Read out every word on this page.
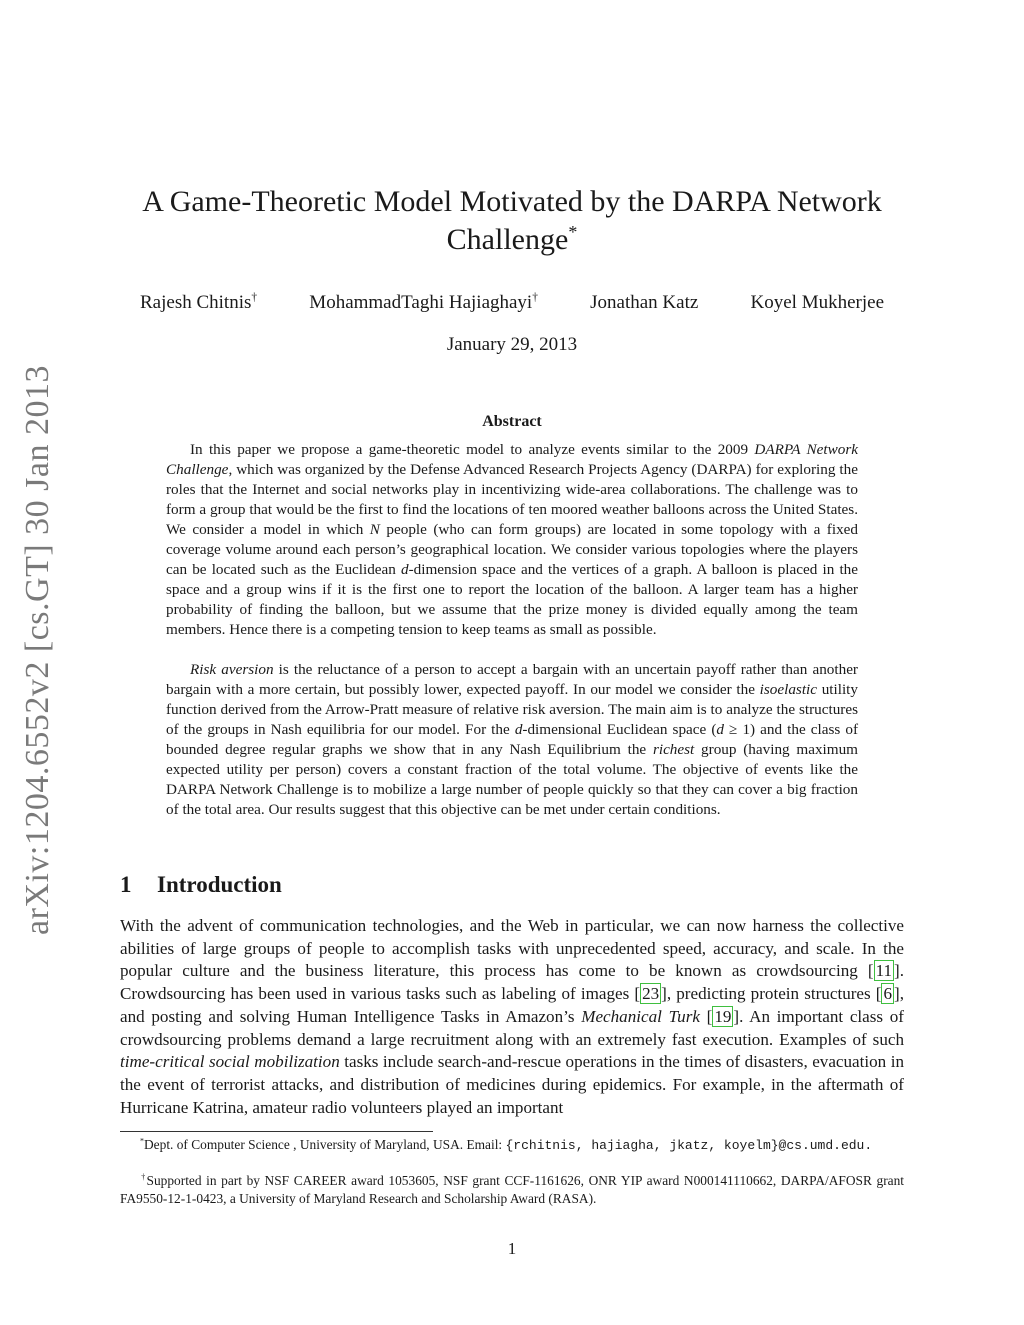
arXiv:1204.6552v2 [cs.GT] 30 Jan 2013
A Game-Theoretic Model Motivated by the DARPA Network
Challenge*
Rajesh Chitnis†	MohammadTaghi Hajiaghayi†	Jonathan Katz	Koyel Mukherjee
January 29, 2013
Abstract
In this paper we propose a game-theoretic model to analyze events similar to the 2009 DARPA Network Challenge, which was organized by the Defense Advanced Research Projects Agency (DARPA) for exploring the roles that the Internet and social networks play in incentivizing wide-area collaborations. The challenge was to form a group that would be the first to find the locations of ten moored weather balloons across the United States. We consider a model in which N people (who can form groups) are located in some topology with a fixed coverage volume around each person’s geographical location. We consider various topologies where the players can be located such as the Euclidean d-dimension space and the vertices of a graph. A balloon is placed in the space and a group wins if it is the first one to report the location of the balloon. A larger team has a higher probability of finding the balloon, but we assume that the prize money is divided equally among the team members. Hence there is a competing tension to keep teams as small as possible.
Risk aversion is the reluctance of a person to accept a bargain with an uncertain payoff rather than another bargain with a more certain, but possibly lower, expected payoff. In our model we consider the isoelastic utility function derived from the Arrow-Pratt measure of relative risk aversion. The main aim is to analyze the structures of the groups in Nash equilibria for our model. For the d-dimensional Euclidean space (d ≥ 1) and the class of bounded degree regular graphs we show that in any Nash Equilibrium the richest group (having maximum expected utility per person) covers a constant fraction of the total volume. The objective of events like the DARPA Network Challenge is to mobilize a large number of people quickly so that they can cover a big fraction of the total area. Our results suggest that this objective can be met under certain conditions.
1 Introduction
With the advent of communication technologies, and the Web in particular, we can now harness the collective abilities of large groups of people to accomplish tasks with unprecedented speed, accuracy, and scale. In the popular culture and the business literature, this process has come to be known as crowdsourcing [ 11 ]. Crowdsourcing has been used in various tasks such as labeling of images [ 23 ], predicting protein structures [ 6 ], and posting and solving Human Intelligence Tasks in Amazon’s Mechanical Turk [ 19 ]. An important class of crowdsourcing problems demand a large recruitment along with an extremely fast execution. Examples of such time-critical social mobilization tasks include search-and-rescue operations in the times of disasters, evacuation in the event of terrorist attacks, and distribution of medicines during epidemics. For example, in the aftermath of Hurricane Katrina, amateur radio volunteers played an important
*Dept. of Computer Science , University of Maryland, USA. Email: {rchitnis, hajiagha, jkatz, koyelm}@cs.umd.edu.
†Supported in part by NSF CAREER award 1053605, NSF grant CCF-1161626, ONR YIP award N000141110662, DARPA/AFOSR grant FA9550-12-1-0423, a University of Maryland Research and Scholarship Award (RASA).
1
